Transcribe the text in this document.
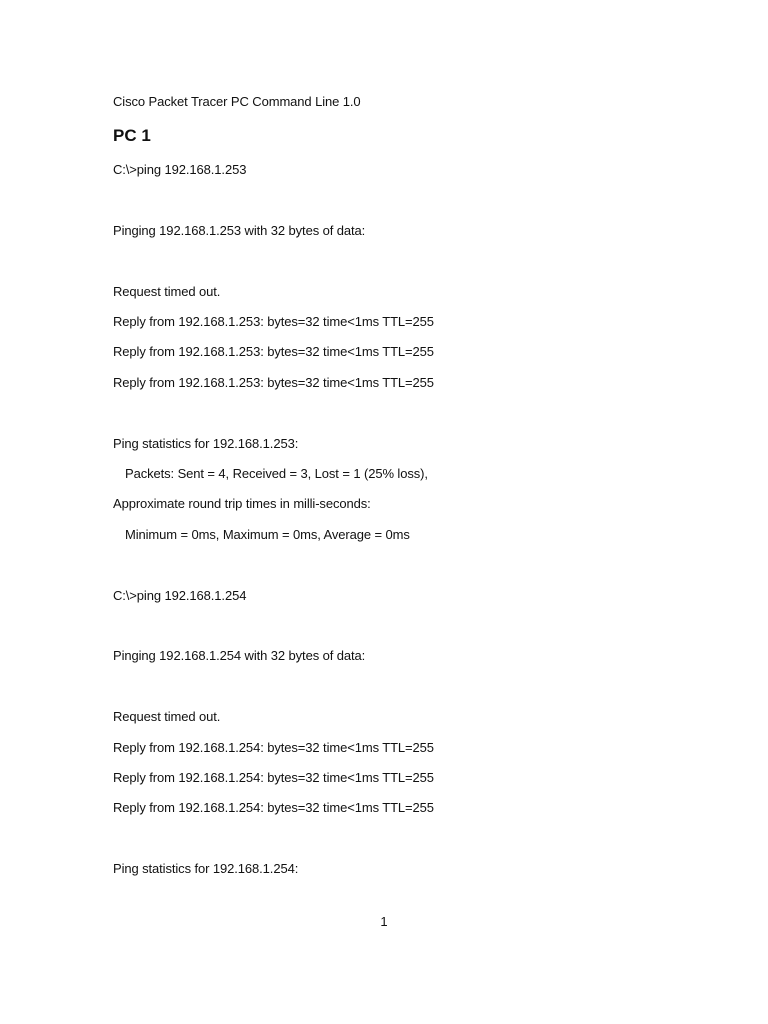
Cisco Packet Tracer PC Command Line 1.0
PC 1
C:\>ping 192.168.1.253
Pinging 192.168.1.253 with 32 bytes of data:
Request timed out.
Reply from 192.168.1.253: bytes=32 time<1ms TTL=255
Reply from 192.168.1.253: bytes=32 time<1ms TTL=255
Reply from 192.168.1.253: bytes=32 time<1ms TTL=255
Ping statistics for 192.168.1.253:
Packets: Sent = 4, Received = 3, Lost = 1 (25% loss),
Approximate round trip times in milli-seconds:
Minimum = 0ms, Maximum = 0ms, Average = 0ms
C:\>ping 192.168.1.254
Pinging 192.168.1.254 with 32 bytes of data:
Request timed out.
Reply from 192.168.1.254: bytes=32 time<1ms TTL=255
Reply from 192.168.1.254: bytes=32 time<1ms TTL=255
Reply from 192.168.1.254: bytes=32 time<1ms TTL=255
Ping statistics for 192.168.1.254:
1
